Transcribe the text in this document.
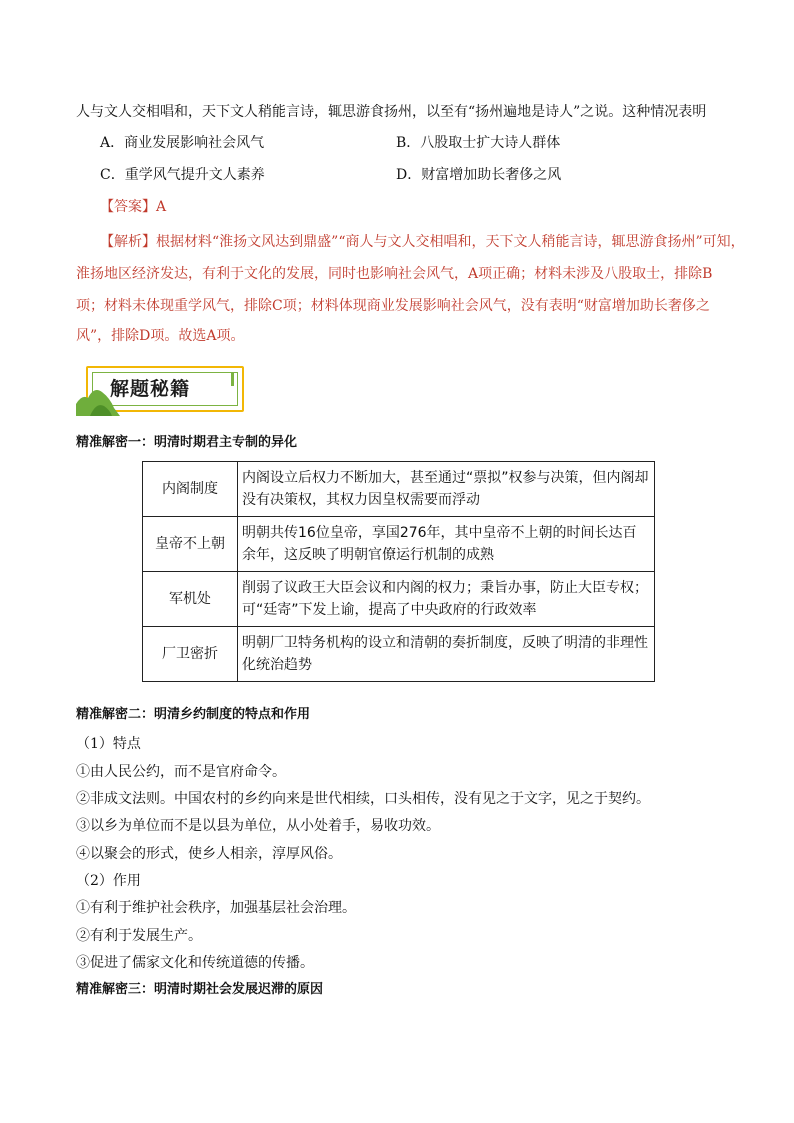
人与文人交相唱和，天下文人稍能言诗，辄思游食扬州，以至有“扬州遍地是诗人”之说。这种情况表明
A．商业发展影响社会风气	B．八股取士扩大诗人群体
C．重学风气提升文人素养	D．财富增加助长奢侈之风
【答案】A
【解析】根据材料“淮扬文风达到鼎盛”“商人与文人交相唱和，天下文人稍能言诗，辄思游食扬州”可知，
淮扬地区经济发达，有利于文化的发展，同时也影响社会风气，A项正确；材料未涉及八股取士，排除B
项；材料未体现重学风气，排除C项；材料体现商业发展影响社会风气，没有表明“财富增加助长奢侈之
风”，排除D项。故选A项。
解题秘籍
精准解密一：明清时期君主专制的异化
内阁制度	内阁设立后权力不断加大，甚至通过“票拟”权参与决策，但内阁却没有决策权，其权力因皇权需要而浮动
皇帝不上朝	明朝共传16位皇帝，享国276年，其中皇帝不上朝的时间长达百余年，这反映了明朝官僚运行机制的成熟
军机处	削弱了议政王大臣会议和内阁的权力；秉旨办事，防止大臣专权；可“廷寄”下发上谕，提高了中央政府的行政效率
厂卫密折	明朝厂卫特务机构的设立和清朝的奏折制度，反映了明清的非理性化统治趋势
精准解密二：明清乡约制度的特点和作用
（1）特点
①由人民公约，而不是官府命令。
②非成文法则。中国农村的乡约向来是世代相续，口头相传，没有见之于文字，见之于契约。
③以乡为单位而不是以县为单位，从小处着手，易收功效。
④以聚会的形式，使乡人相亲，淳厚风俗。
（2）作用
①有利于维护社会秩序，加强基层社会治理。
②有利于发展生产。
③促进了儒家文化和传统道德的传播。
精准解密三：明清时期社会发展迟滞的原因
